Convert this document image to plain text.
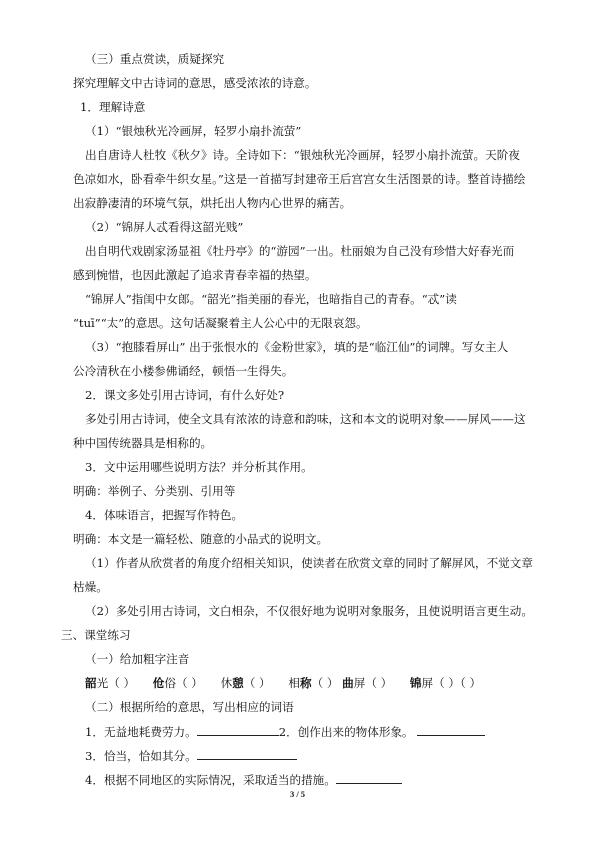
（三）重点赏读，质疑探究
探究理解文中古诗词的意思，感受浓浓的诗意。
1．理解诗意
（1）“银烛秋光冷画屏，轻罗小扇扑流萤”
出自唐诗人杜牧《秋夕》诗。全诗如下：“银烛秋光冷画屏，轻罗小扇扑流萤。天阶夜
色凉如水，卧看牵牛织女星。”这是一首描写封建帝王后宫宫女生活图景的诗。整首诗描绘
出寂静凄清的环境气氛，烘托出人物内心世界的痛苦。
（2）“锦屏人忒看得这韶光贱”
出自明代戏剧家汤显祖《牡丹亭》的“游园”一出。杜丽娘为自己没有珍惜大好春光而
感到惋惜，也因此激起了追求青春幸福的热望。
“锦屏人”指闺中女郎。“韶光”指美丽的春光，也暗指自己的青春。“忒”读
“tuī”“太”的意思。这句话凝聚着主人公心中的无限哀怨。
（3）“抱膝看屏山” 出于张恨水的《金粉世家》，填的是“临江仙”的词牌。写女主人
公冷清秋在小楼参佛诵经，顿悟一生得失。
2．课文多处引用古诗词，有什么好处?
多处引用古诗词，使全文具有浓浓的诗意和韵味，这和本文的说明对象——屏风——这
种中国传统器具是相称的。
3．文中运用哪些说明方法？并分析其作用。
明确：举例子、分类别、引用等
4．体味语言，把握写作特色。
明确：本文是一篇轻松、随意的小品式的说明文。
（1）作者从欣赏者的角度介绍相关知识，使读者在欣赏文章的同时了解屏风，不觉文章
枯燥。
（2）多处引用古诗词，文白相杂，不仅很好地为说明对象服务，且使说明语言更生动。
三、课堂练习
（一）给加粗字注音
韶光（ ） 伧俗（ ） 休憩（ ） 相称（ ） 曲屏（ ） 锦屏（ ）（ ）
（二）根据所给的意思，写出相应的词语
1．无益地耗费劳力。	2．创作出来的物体形象。
3．恰当，恰如其分。
4．根据不同地区的实际情况，采取适当的措施。
3 / 5
